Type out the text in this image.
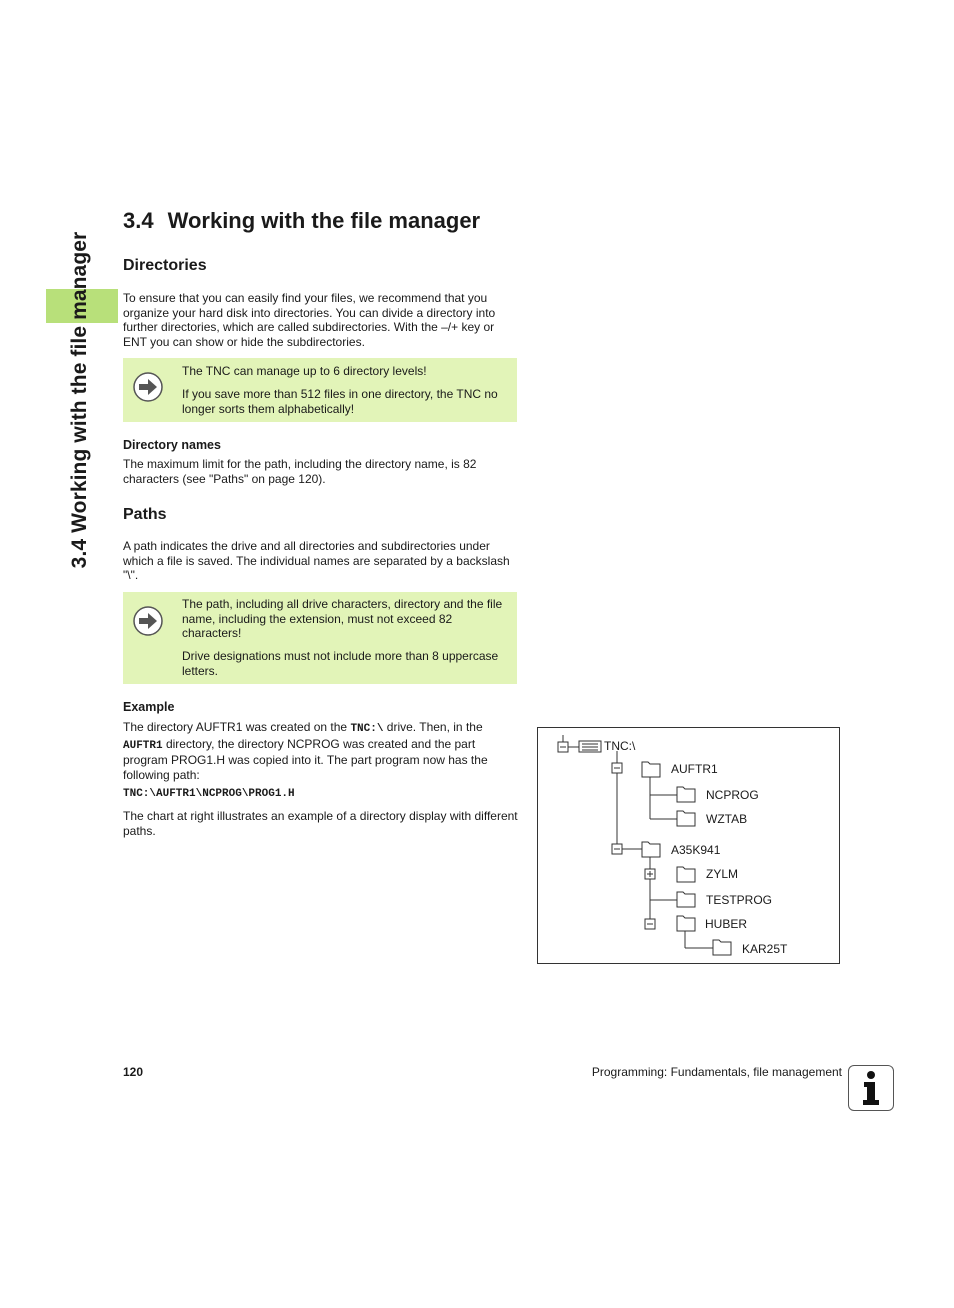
3.4 Working with the file manager
3.4 Working with the file manager
Directories

To ensure that you can easily find your files, we recommend that you organize your hard disk into directories. You can divide a directory into further directories, which are called subdirectories. With the –/+ key or ENT you can show or hide the subdirectories.

The TNC can manage up to 6 directory levels!

If you save more than 512 files in one directory, the TNC no longer sorts them alphabetically!

Directory names

The maximum limit for the path, including the directory name, is 82 characters (see "Paths" on page 120).

Paths

A path indicates the drive and all directories and subdirectories under which a file is saved. The individual names are separated by a backslash "\".

The path, including all drive characters, directory and the file name, including the extension, must not exceed 82 characters!

Drive designations must not include more than 8 uppercase letters.

Example

The directory AUFTR1 was created on the TNC:\ drive. Then, in the AUFTR1 directory, the directory NCPROG was created and the part program PROG1.H was copied into it. The part program now has the following path:

TNC:\AUFTR1\NCPROG\PROG1.H

The chart at right illustrates an example of a directory display with different paths.

TNC:\
AUFTR1
NCPROG
WZTAB
A35K941
ZYLM
TESTPROG
HUBER
KAR25T
120	Programming: Fundamentals, file management
